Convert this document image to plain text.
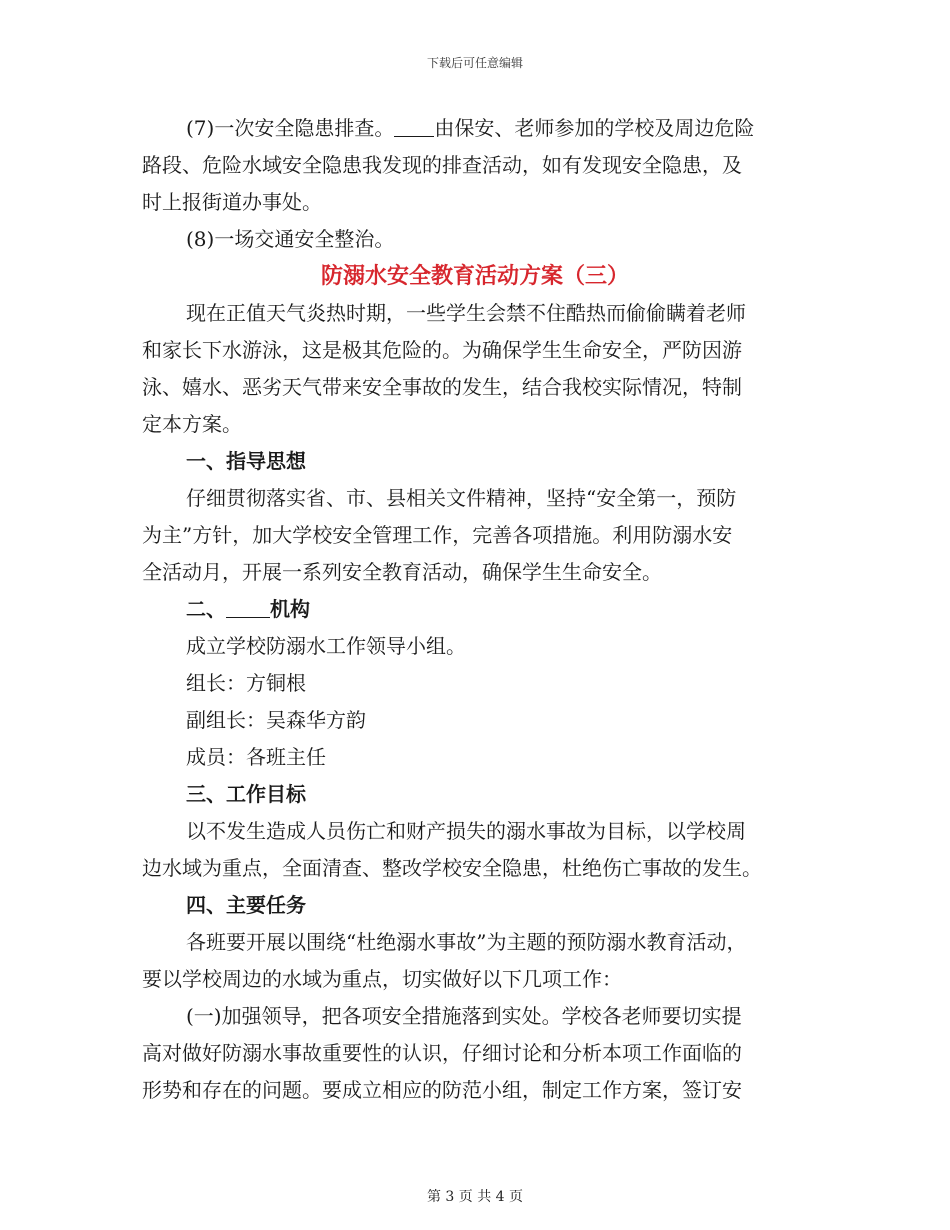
下载后可任意编辑

(7)一次安全隐患排查。 由保安、老师参加的学校及周边危险

路段、危险水域安全隐患我发现的排查活动，如有发现安全隐患，及

时上报街道办事处。

(8)一场交通安全整治。

防溺水安全教育活动方案（三）

现在正值天气炎热时期，一些学生会禁不住酷热而偷偷瞒着老师

和家长下水游泳，这是极其危险的。为确保学生生命安全，严防因游

泳、嬉水、恶劣天气带来安全事故的发生，结合我校实际情况，特制

定本方案。

一、指导思想

仔细贯彻落实省、市、县相关文件精神，坚持“安全第一，预防

为主”方针，加大学校安全管理工作，完善各项措施。利用防溺水安

全活动月，开展一系列安全教育活动，确保学生生命安全。

二、 机构

成立学校防溺水工作领导小组。

组长：方铜根

副组长：吴森华方韵

成员：各班主任

三、工作目标

以不发生造成人员伤亡和财产损失的溺水事故为目标，以学校周

边水域为重点，全面清查、整改学校安全隐患，杜绝伤亡事故的发生。

四、主要任务

各班要开展以围绕“杜绝溺水事故”为主题的预防溺水教育活动，

要以学校周边的水域为重点，切实做好以下几项工作：

(一)加强领导，把各项安全措施落到实处。学校各老师要切实提

高对做好防溺水事故重要性的认识，仔细讨论和分析本项工作面临的

形势和存在的问题。要成立相应的防范小组，制定工作方案，签订安

第 3 页 共 4 页
